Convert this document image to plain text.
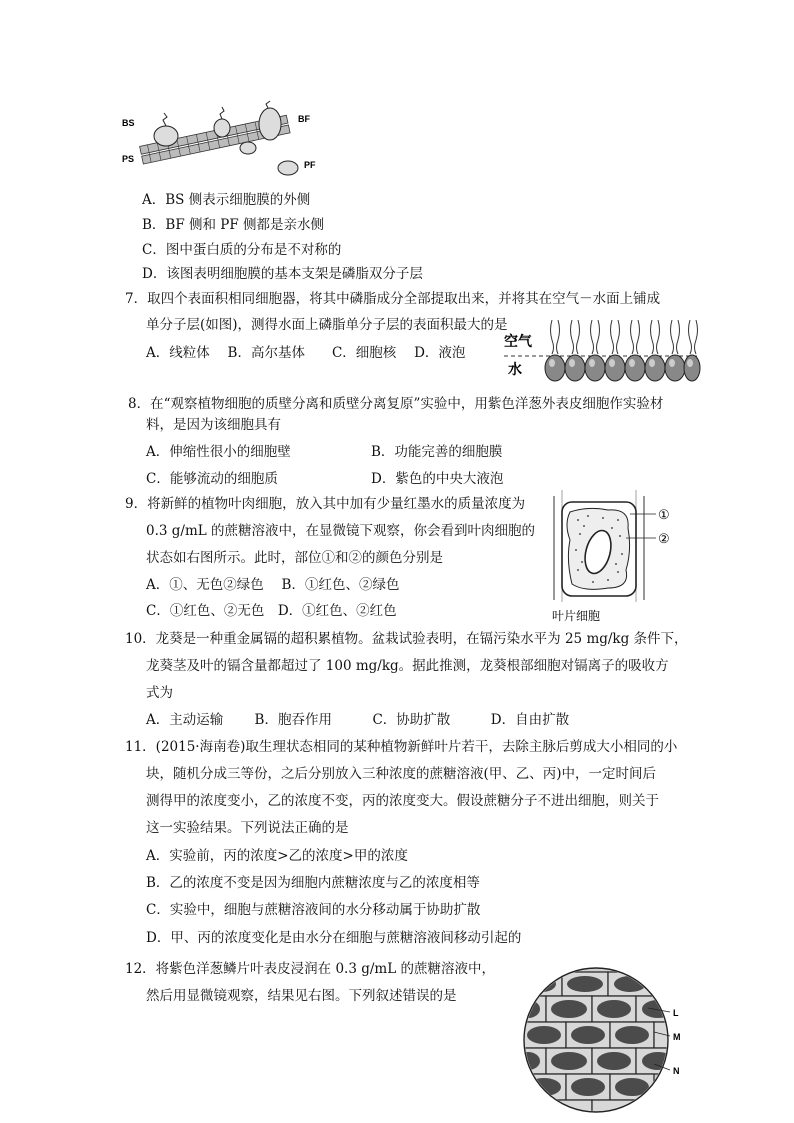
BS
PS
BF
PF
A．BS 侧表示细胞膜的外侧
B．BF 侧和 PF 侧都是亲水侧
C．图中蛋白质的分布是不对称的
D．该图表明细胞膜的基本支架是磷脂双分子层
7．取四个表面积相同细胞器，将其中磷脂成分全部提取出来，并将其在空气－水面上铺成
单分子层(如图)，测得水面上磷脂单分子层的表面积最大的是
A．线粒体　 B．高尔基体　　C．细胞核　 D．液泡
空气
水
8．在“观察植物细胞的质壁分离和质壁分离复原”实验中，用紫色洋葱外表皮细胞作实验材
料，是因为该细胞具有
A．伸缩性很小的细胞壁	B．功能完善的细胞膜
C．能够流动的细胞质	D．紫色的中央大液泡
9．将新鲜的植物叶肉细胞，放入其中加有少量红墨水的质量浓度为
0.3 g/mL 的蔗糖溶液中，在显微镜下观察，你会看到叶肉细胞的
状态如右图所示。此时，部位①和②的颜色分别是
A．①、无色②绿色　 B．①红色、②绿色
C．①红色、②无色　D．①红色、②红色
①
②
叶片细胞
10．龙葵是一种重金属镉的超积累植物。盆栽试验表明，在镉污染水平为 25 mg/kg 条件下，
龙葵茎及叶的镉含量都超过了 100 mg/kg。据此推测，龙葵根部细胞对镉离子的吸收方
式为
A．主动运输　　 B．胞吞作用　　　C．协助扩散　　　D．自由扩散
11．(2015·海南卷)取生理状态相同的某种植物新鲜叶片若干，去除主脉后剪成大小相同的小
块，随机分成三等份，之后分别放入三种浓度的蔗糖溶液(甲、乙、丙)中，一定时间后
测得甲的浓度变小，乙的浓度不变，丙的浓度变大。假设蔗糖分子不进出细胞，则关于
这一实验结果。下列说法正确的是
A．实验前，丙的浓度>乙的浓度>甲的浓度
B．乙的浓度不变是因为细胞内蔗糖浓度与乙的浓度相等
C．实验中，细胞与蔗糖溶液间的水分移动属于协助扩散
D．甲、丙的浓度变化是由水分在细胞与蔗糖溶液间移动引起的
12．将紫色洋葱鳞片叶表皮浸润在 0.3 g/mL 的蔗糖溶液中，
然后用显微镜观察，结果见右图。下列叙述错误的是
L
M
N
